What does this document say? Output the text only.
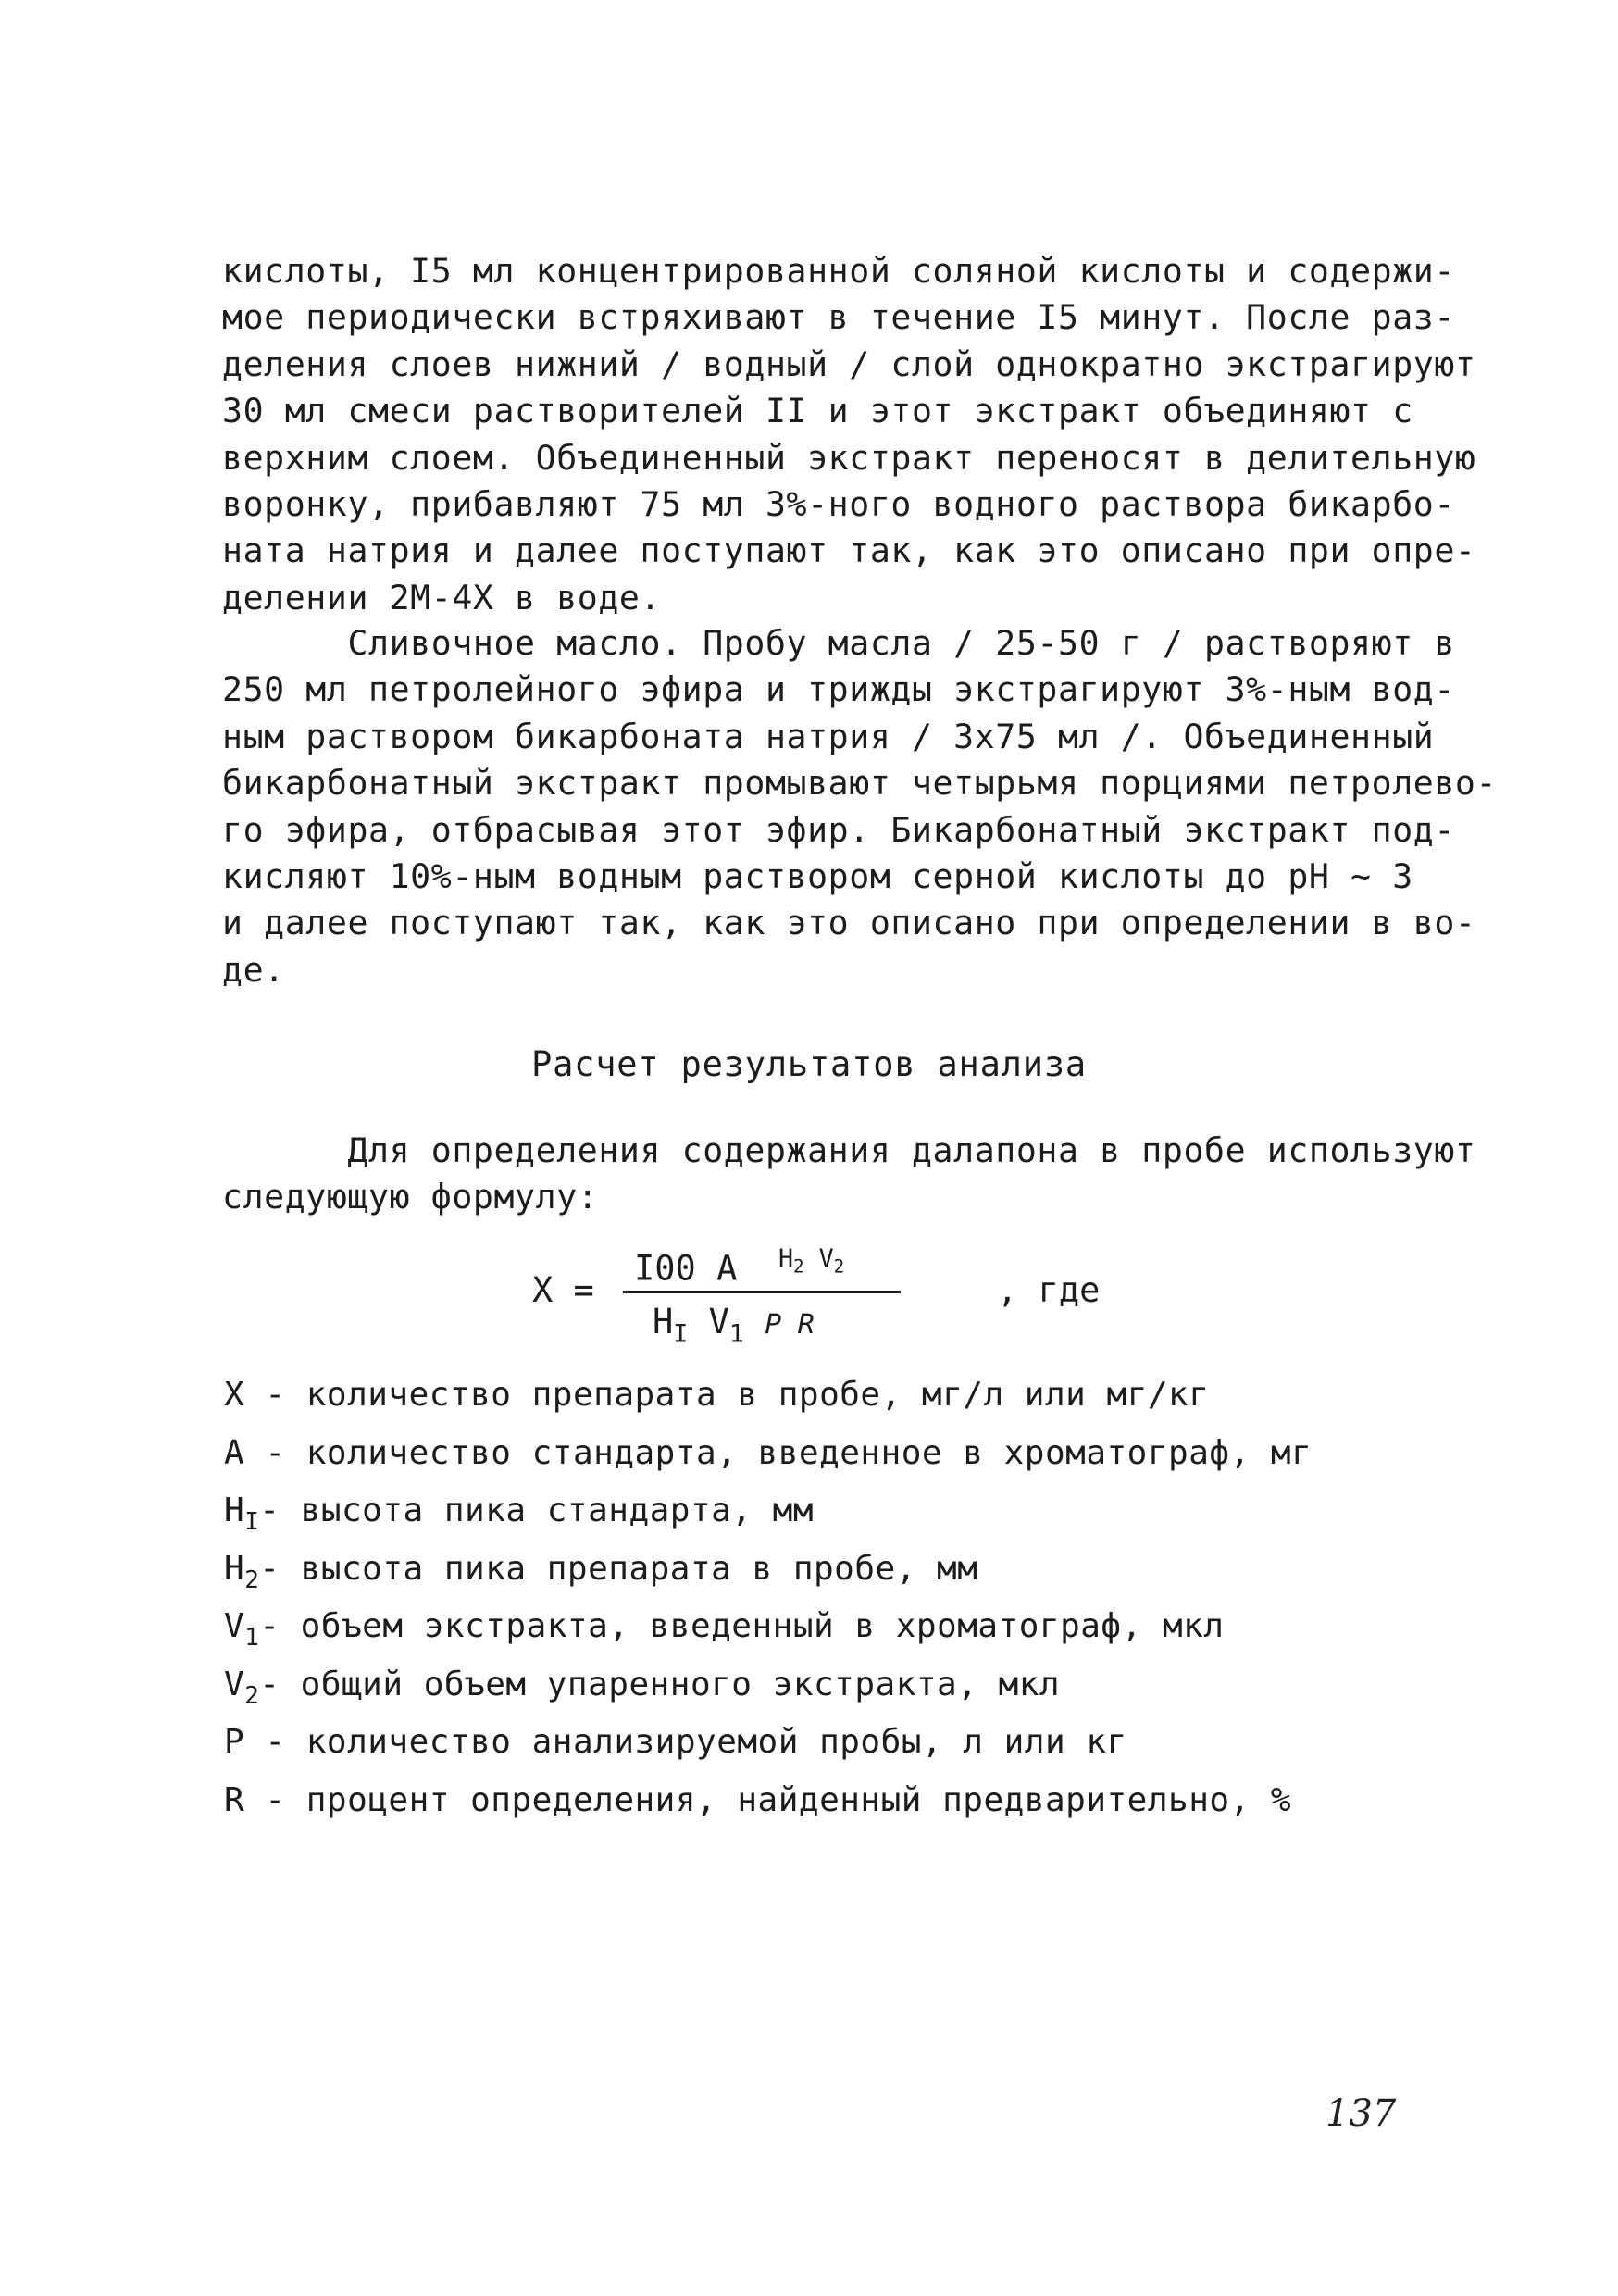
кислоты, I5 мл концентрированной соляной кислоты и содержи-
мое периодически встряхивают в течение I5 минут. После раз-
деления слоев нижний / водный / слой однократно экстрагируют
30 мл смеси растворителей II и этот экстракт объединяют с
верхним слоем. Объединенный экстракт переносят в делительную
воронку, прибавляют 75 мл 3%-ного водного раствора бикарбо-
ната натрия и далее поступают так, как это описано при опре-
делении 2М-4Х в воде.
Сливочное масло. Пробу масла / 25-50 г / растворяют в
250 мл петролейного эфира и трижды экстрагируют 3%-ным вод-
ным раствором бикарбоната натрия / 3х75 мл /. Объединенный
бикарбонатный экстракт промывают четырьмя порциями петролево-
го эфира, отбрасывая этот эфир. Бикарбонатный экстракт под-
кисляют 10%-ным водным раствором серной кислоты до pH ~ 3
и далее поступают так, как это описано при определении в во-
де.
Расчет результатов анализа
Для определения содержания далапона в пробе используют
следующую формулу:
X =
I00 A $^{H_2 V_2}$
$H_I$ $V_1$ P R
, где
X - количество препарата в пробе, мг/л или мг/кг
A - количество стандарта, введенное в хроматограф, мг
$H_I-$ высота пика стандарта, мм
$H_2-$ высота пика препарата в пробе, мм
$V_1-$ объем экстракта, введенный в хроматограф, мкл
$V_2-$ общий объем упаренного экстракта, мкл
P - количество анализируемой пробы, л или кг
R - процент определения, найденный предварительно, %
137
